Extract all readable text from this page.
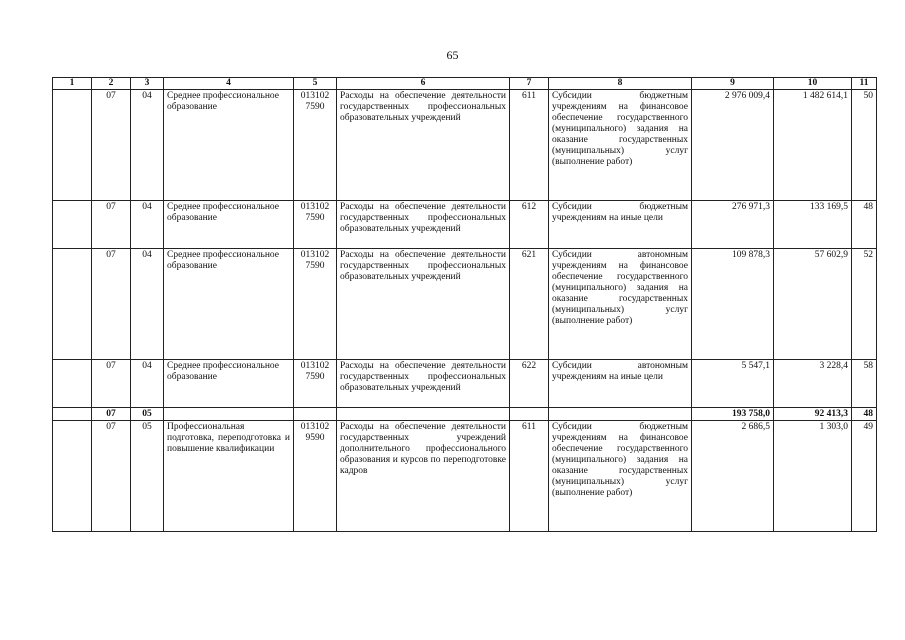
65
1	2	3	4	5	6	7	8	9	10	11
	07	04	Среднее профессиональное образование	013102 7590	Расходы на обеспечение деятельности государственных профессиональных образовательных учреждений	611	Субсидии бюджетным учреждениям на финансовое обеспечение государственного (муниципального) задания на оказание государственных (муниципальных) услуг (выполнение работ)	2 976 009,4	1 482 614,1	50
	07	04	Среднее профессиональное образование	013102 7590	Расходы на обеспечение деятельности государственных профессиональных образовательных учреждений	612	Субсидии бюджетным учреждениям на иные цели	276 971,3	133 169,5	48
	07	04	Среднее профессиональное образование	013102 7590	Расходы на обеспечение деятельности государственных профессиональных образовательных учреждений	621	Субсидии автономным учреждениям на финансовое обеспечение государственного (муниципального) задания на оказание государственных (муниципальных) услуг (выполнение работ)	109 878,3	57 602,9	52
	07	04	Среднее профессиональное образование	013102 7590	Расходы на обеспечение деятельности государственных профессиональных образовательных учреждений	622	Субсидии автономным учреждениям на иные цели	5 547,1	3 228,4	58
	07	05						193 758,0	92 413,3	48
	07	05	Профессиональная подготовка, переподготовка и повышение квалификации	013102 9590	Расходы на обеспечение деятельности государственных учреждений дополнительного профессионального образования и курсов по переподготовке кадров	611	Субсидии бюджетным учреждениям на финансовое обеспечение государственного (муниципального) задания на оказание государственных (муниципальных) услуг (выполнение работ)	2 686,5	1 303,0	49
